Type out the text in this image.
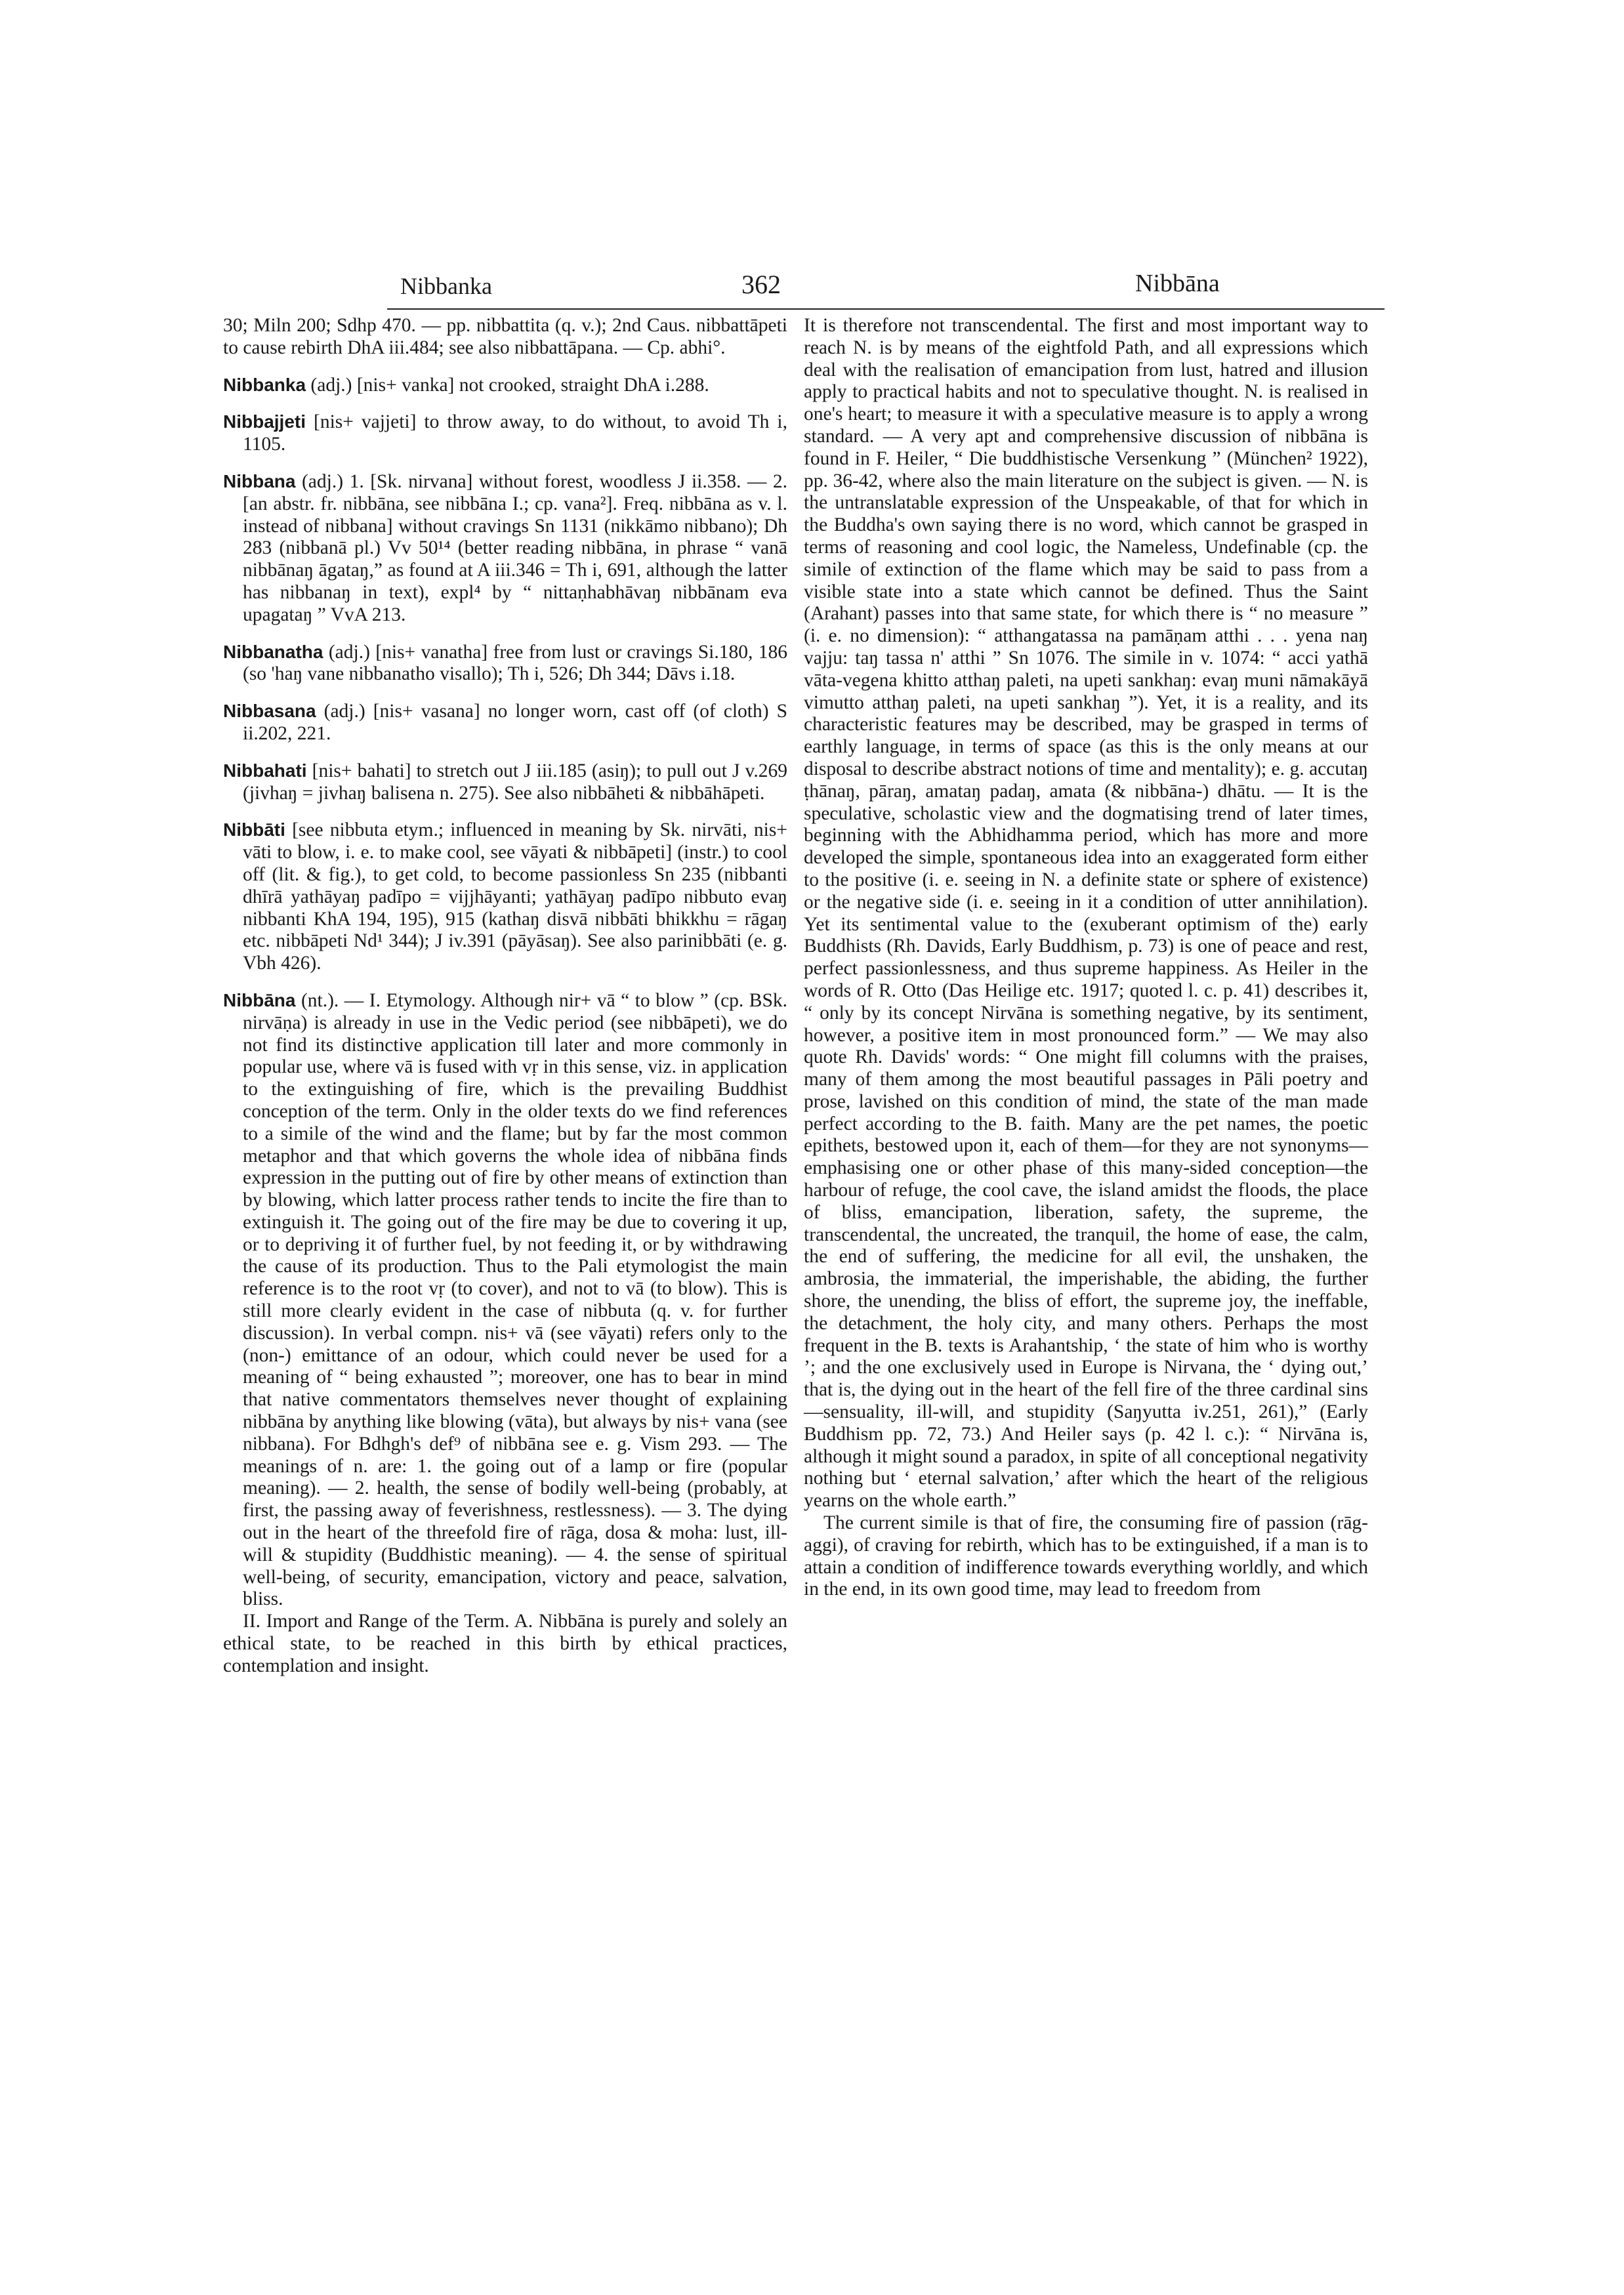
Nibbanka	362	Nibbāna

30; Miln 200; Sdhp 470. — pp. nibbattita (q. v.); 2nd Caus. nibbattāpeti to cause rebirth DhA iii.484; see also nibbattāpana. — Cp. abhi°.

Nibbanka (adj.) [nis+ vanka] not crooked, straight DhA i.288.

Nibbajjeti [nis+ vajjeti] to throw away, to do without, to avoid Th i, 1105.

Nibbana (adj.) 1. [Sk. nirvana] without forest, woodless J ii.358. — 2. [an abstr. fr. nibbāna, see nibbāna I.; cp. vana²]. Freq. nibbāna as v. l. instead of nibbana] without cravings Sn 1131 (nikkāmo nibbano); Dh 283 (nibbanā pl.) Vv 50¹⁴ (better reading nibbāna, in phrase “ vanā nibbānaŋ āgataŋ,” as found at A iii.346 = Th i, 691, although the latter has nibbanaŋ in text), expl⁴ by “ nittaṇhabhāvaŋ nibbānam eva upagataŋ ” VvA 213.

Nibbanatha (adj.) [nis+ vanatha] free from lust or cravings Si.180, 186 (so 'haŋ vane nibbanatho visallo); Th i, 526; Dh 344; Dāvs i.18.

Nibbasana (adj.) [nis+ vasana] no longer worn, cast off (of cloth) S ii.202, 221.

Nibbahati [nis+ bahati] to stretch out J iii.185 (asiŋ); to pull out J v.269 (jivhaŋ = jivhaŋ balisena n. 275). See also nibbāheti & nibbāhāpeti.

Nibbāti [see nibbuta etym.; influenced in meaning by Sk. nirvāti, nis+ vāti to blow, i. e. to make cool, see vāyati & nibbāpeti] (instr.) to cool off (lit. & fig.), to get cold, to become passionless Sn 235 (nibbanti dhīrā yathāyaŋ padīpo = vijjhāyanti; yathāyaŋ padīpo nibbuto evaŋ nibbanti KhA 194, 195), 915 (kathaŋ disvā nibbāti bhikkhu = rāgaŋ etc. nibbāpeti Nd¹ 344); J iv.391 (pāyāsaŋ). See also parinibbāti (e. g. Vbh 426).

Nibbāna (nt.). — I. Etymology. Although nir+ vā “ to blow ” (cp. BSk. nirvāṇa) is already in use in the Vedic period (see nibbāpeti), we do not find its distinctive application till later and more commonly in popular use, where vā is fused with vṛ in this sense, viz. in application to the extinguishing of fire, which is the prevailing Buddhist conception of the term. Only in the older texts do we find references to a simile of the wind and the flame; but by far the most common metaphor and that which governs the whole idea of nibbāna finds expression in the putting out of fire by other means of extinction than by blowing, which latter process rather tends to incite the fire than to extinguish it. The going out of the fire may be due to covering it up, or to depriving it of further fuel, by not feeding it, or by withdrawing the cause of its production. Thus to the Pali etymologist the main reference is to the root vṛ (to cover), and not to vā (to blow). This is still more clearly evident in the case of nibbuta (q. v. for further discussion). In verbal compn. nis+ vā (see vāyati) refers only to the (non-) emittance of an odour, which could never be used for a meaning of “ being exhausted ”; moreover, one has to bear in mind that native commentators themselves never thought of explaining nibbāna by anything like blowing (vāta), but always by nis+ vana (see nibbana). For Bdhgh's def⁹ of nibbāna see e. g. Vism 293. — The meanings of n. are: 1. the going out of a lamp or fire (popular meaning). — 2. health, the sense of bodily well-being (probably, at first, the passing away of feverishness, restlessness). — 3. The dying out in the heart of the threefold fire of rāga, dosa & moha: lust, ill-will & stupidity (Buddhistic meaning). — 4. the sense of spiritual well-being, of security, emancipation, victory and peace, salvation, bliss.

II. Import and Range of the Term. A. Nibbāna is purely and solely an ethical state, to be reached in this birth by ethical practices, contemplation and insight.

It is therefore not transcendental. The first and most important way to reach N. is by means of the eightfold Path, and all expressions which deal with the realisation of emancipation from lust, hatred and illusion apply to practical habits and not to speculative thought. N. is realised in one's heart; to measure it with a speculative measure is to apply a wrong standard. — A very apt and comprehensive discussion of nibbāna is found in F. Heiler, “ Die buddhistische Versenkung ” (München² 1922), pp. 36-42, where also the main literature on the subject is given. — N. is the untranslatable expression of the Unspeakable, of that for which in the Buddha's own saying there is no word, which cannot be grasped in terms of reasoning and cool logic, the Nameless, Undefinable (cp. the simile of extinction of the flame which may be said to pass from a visible state into a state which cannot be defined. Thus the Saint (Arahant) passes into that same state, for which there is “ no measure ” (i. e. no dimension): “ atthangatassa na pamāṇam atthi . . . yena naŋ vajju: taŋ tassa n' atthi ” Sn 1076. The simile in v. 1074: “ acci yathā vāta-vegena khitto atthaŋ paleti, na upeti sankhaŋ: evaŋ muni nāmakāyā vimutto atthaŋ paleti, na upeti sankhaŋ ”). Yet, it is a reality, and its characteristic features may be described, may be grasped in terms of earthly language, in terms of space (as this is the only means at our disposal to describe abstract notions of time and mentality); e. g. accutaŋ ṭhānaŋ, pāraŋ, amataŋ padaŋ, amata (& nibbāna-) dhātu. — It is the speculative, scholastic view and the dogmatising trend of later times, beginning with the Abhidhamma period, which has more and more developed the simple, spontaneous idea into an exaggerated form either to the positive (i. e. seeing in N. a definite state or sphere of existence) or the negative side (i. e. seeing in it a condition of utter annihilation). Yet its sentimental value to the (exuberant optimism of the) early Buddhists (Rh. Davids, Early Buddhism, p. 73) is one of peace and rest, perfect passionlessness, and thus supreme happiness. As Heiler in the words of R. Otto (Das Heilige etc. 1917; quoted l. c. p. 41) describes it, “ only by its concept Nirvāna is something negative, by its sentiment, however, a positive item in most pronounced form.” — We may also quote Rh. Davids' words: “ One might fill columns with the praises, many of them among the most beautiful passages in Pāli poetry and prose, lavished on this condition of mind, the state of the man made perfect according to the B. faith. Many are the pet names, the poetic epithets, bestowed upon it, each of them—for they are not synonyms—emphasising one or other phase of this many-sided conception—the harbour of refuge, the cool cave, the island amidst the floods, the place of bliss, emancipation, liberation, safety, the supreme, the transcendental, the uncreated, the tranquil, the home of ease, the calm, the end of suffering, the medicine for all evil, the unshaken, the ambrosia, the immaterial, the imperishable, the abiding, the further shore, the unending, the bliss of effort, the supreme joy, the ineffable, the detachment, the holy city, and many others. Perhaps the most frequent in the B. texts is Arahantship, ‘ the state of him who is worthy ’; and the one exclusively used in Europe is Nirvana, the ‘ dying out,’ that is, the dying out in the heart of the fell fire of the three cardinal sins—sensuality, ill-will, and stupidity (Saŋyutta iv.251, 261),” (Early Buddhism pp. 72, 73.) And Heiler says (p. 42 l. c.): “ Nirvāna is, although it might sound a paradox, in spite of all conceptional negativity nothing but ‘ eternal salvation,’ after which the heart of the religious yearns on the whole earth.”

The current simile is that of fire, the consuming fire of passion (rāg-aggi), of craving for rebirth, which has to be extinguished, if a man is to attain a condition of indifference towards everything worldly, and which in the end, in its own good time, may lead to freedom from
